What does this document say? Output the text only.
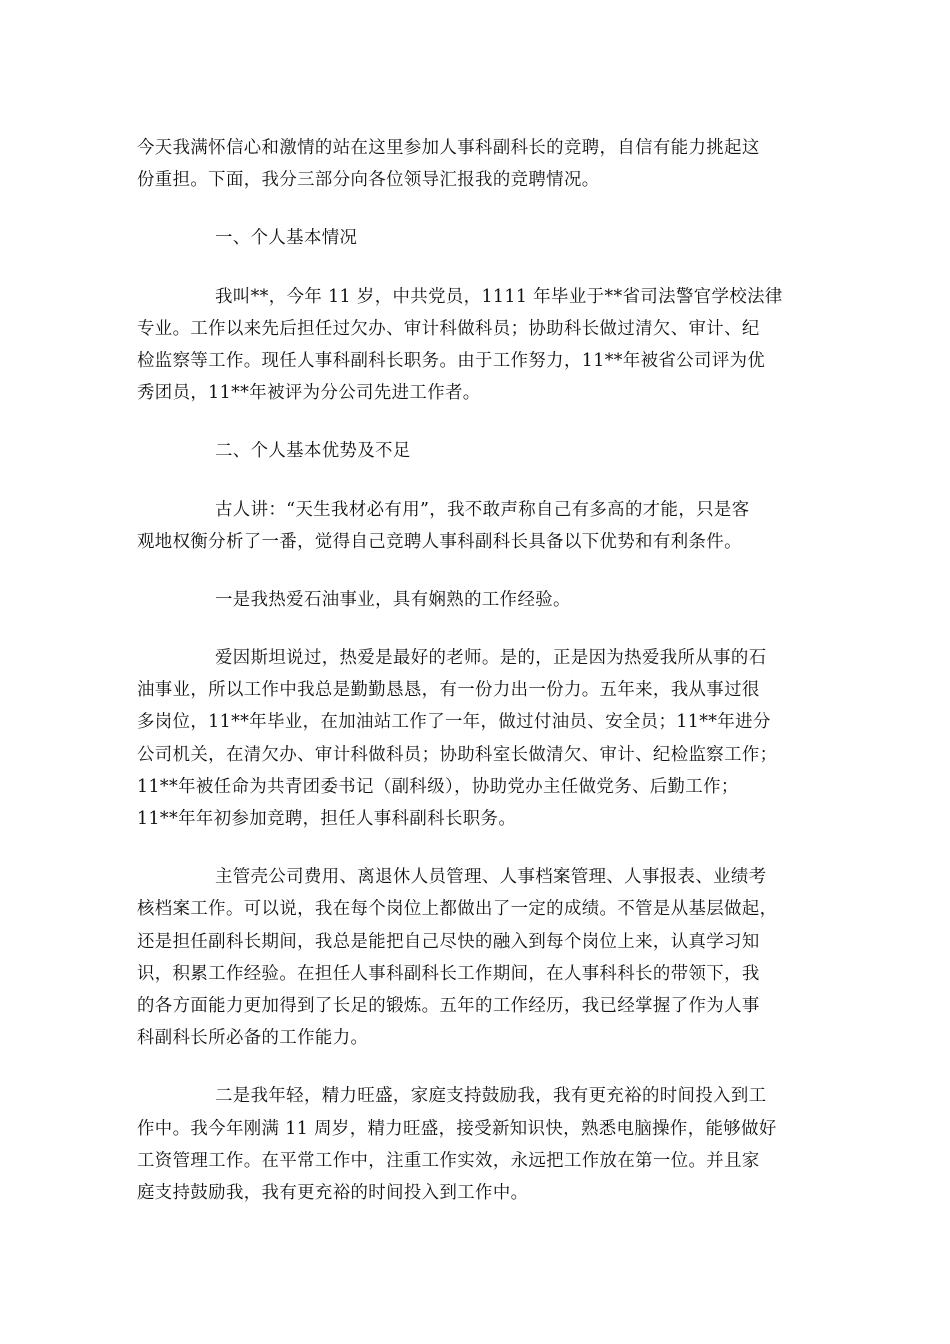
今天我满怀信心和激情的站在这里参加人事科副科长的竞聘，自信有能力挑起这
份重担。下面，我分三部分向各位领导汇报我的竞聘情况。

一、个人基本情况

我叫**，今年 11 岁，中共党员，1111 年毕业于**省司法警官学校法律
专业。工作以来先后担任过欠办、审计科做科员；协助科长做过清欠、审计、纪
检监察等工作。现任人事科副科长职务。由于工作努力，11**年被省公司评为优
秀团员，11**年被评为分公司先进工作者。

二、个人基本优势及不足

古人讲：“天生我材必有用”，我不敢声称自己有多高的才能，只是客
观地权衡分析了一番，觉得自己竞聘人事科副科长具备以下优势和有利条件。

一是我热爱石油事业，具有娴熟的工作经验。

爱因斯坦说过，热爱是最好的老师。是的，正是因为热爱我所从事的石
油事业，所以工作中我总是勤勤恳恳，有一份力出一份力。五年来，我从事过很
多岗位，11**年毕业，在加油站工作了一年，做过付油员、安全员；11**年进分
公司机关，在清欠办、审计科做科员；协助科室长做清欠、审计、纪检监察工作；
11**年被任命为共青团委书记（副科级），协助党办主任做党务、后勤工作；
11**年年初参加竞聘，担任人事科副科长职务。

主管壳公司费用、离退休人员管理、人事档案管理、人事报表、业绩考
核档案工作。可以说，我在每个岗位上都做出了一定的成绩。不管是从基层做起，
还是担任副科长期间，我总是能把自己尽快的融入到每个岗位上来，认真学习知
识，积累工作经验。在担任人事科副科长工作期间，在人事科科长的带领下，我
的各方面能力更加得到了长足的锻炼。五年的工作经历，我已经掌握了作为人事
科副科长所必备的工作能力。

二是我年轻，精力旺盛，家庭支持鼓励我，我有更充裕的时间投入到工
作中。我今年刚满 11 周岁，精力旺盛，接受新知识快，熟悉电脑操作，能够做好
工资管理工作。在平常工作中，注重工作实效，永远把工作放在第一位。并且家
庭支持鼓励我，我有更充裕的时间投入到工作中。
